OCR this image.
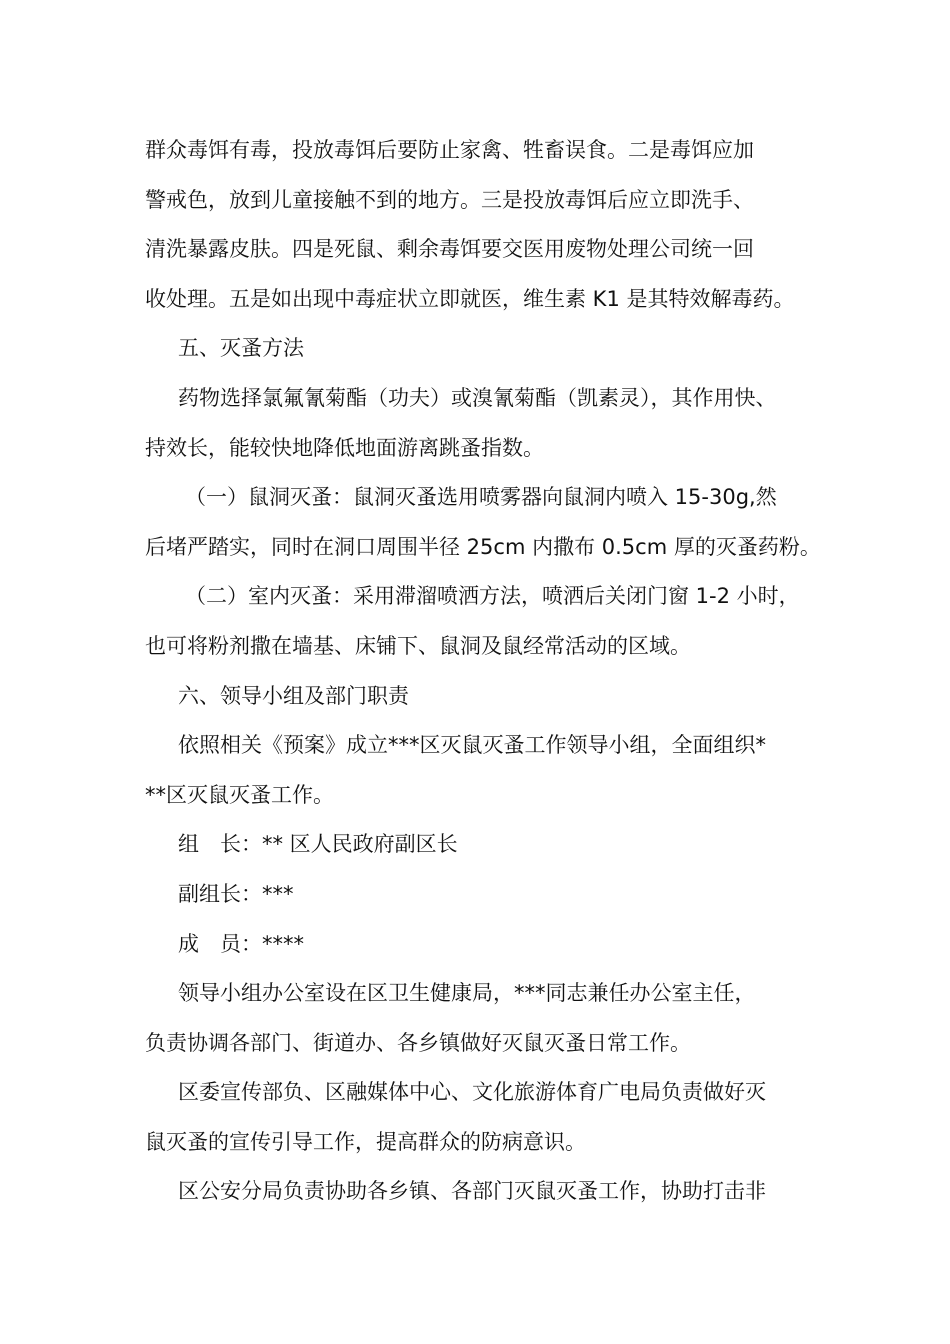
群众毒饵有毒，投放毒饵后要防止家禽、牲畜误食。二是毒饵应加
警戒色，放到儿童接触不到的地方。三是投放毒饵后应立即洗手、
清洗暴露皮肤。四是死鼠、剩余毒饵要交医用废物处理公司统一回
收处理。五是如出现中毒症状立即就医，维生素 K1 是其特效解毒药。
五、灭蚤方法
药物选择氯氟氰菊酯（功夫）或溴氰菊酯（凯素灵），其作用快、
持效长，能较快地降低地面游离跳蚤指数。
（一）鼠洞灭蚤：鼠洞灭蚤选用喷雾器向鼠洞内喷入 15-30g,然
后堵严踏实，同时在洞口周围半径 25cm 内撒布 0.5cm 厚的灭蚤药粉。
（二）室内灭蚤：采用滞溜喷洒方法，喷洒后关闭门窗 1-2 小时，
也可将粉剂撒在墙基、床铺下、鼠洞及鼠经常活动的区域。
六、领导小组及部门职责
依照相关《预案》成立***区灭鼠灭蚤工作领导小组，全面组织*
**区灭鼠灭蚤工作。
组　长：** 区人民政府副区长
副组长：***
成　员：****
领导小组办公室设在区卫生健康局，***同志兼任办公室主任，
负责协调各部门、街道办、各乡镇做好灭鼠灭蚤日常工作。
区委宣传部负、区融媒体中心、文化旅游体育广电局负责做好灭
鼠灭蚤的宣传引导工作，提高群众的防病意识。
区公安分局负责协助各乡镇、各部门灭鼠灭蚤工作，协助打击非
